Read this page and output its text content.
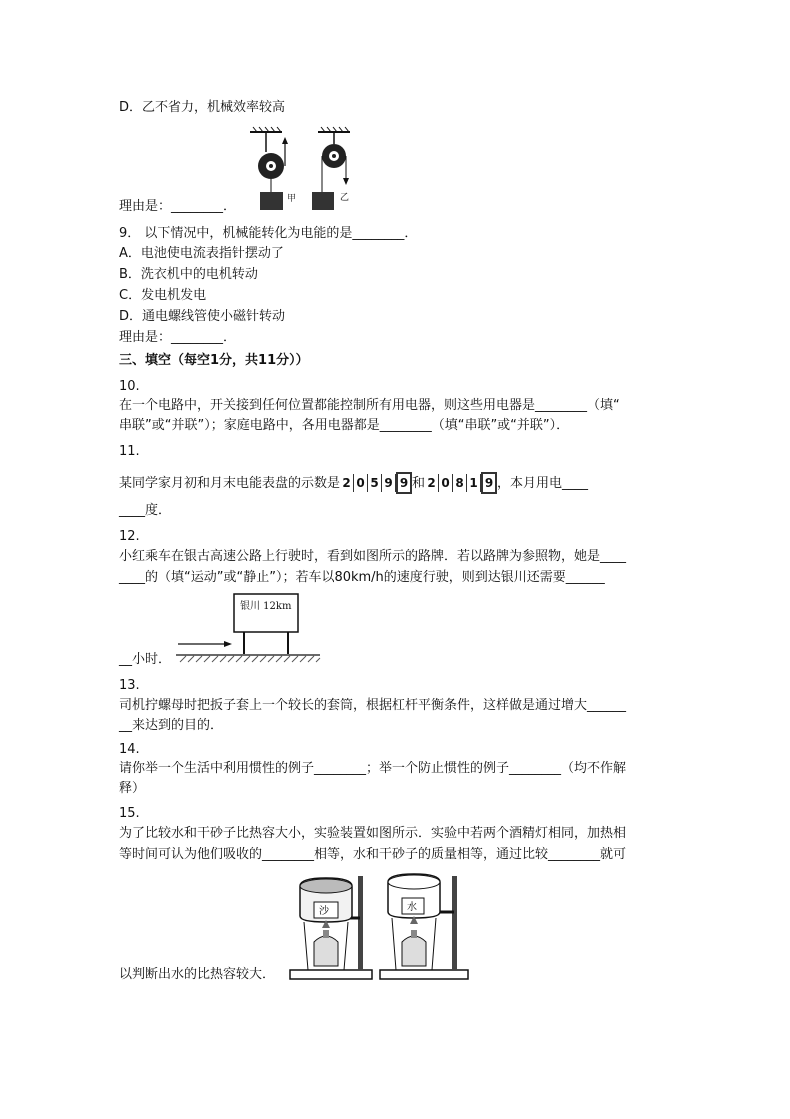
D．乙不省力，机械效率较高
甲	乙
理由是：________．
9． 以下情况中，机械能转化为电能的是________．
A．电池使电流表指针摆动了
B．洗衣机中的电机转动
C．发电机发电
D．通电螺线管使小磁针转动
理由是：________．
三、填空（每空1分，共11分））
10.
在一个电路中，开关接到任何位置都能控制所有用电器，则这些用电器是________（填“
串联”或“并联”）；家庭电路中，各用电器都是________（填“串联”或“并联”）．
11.
某同学家月初和月末电能表盘的示数是 2 0 5 9 9 和 2 0 8 1 9 ，本月用电____
____度．
12.
小红乘车在银古高速公路上行驶时，看到如图所示的路牌．若以路牌为参照物，她是____
____的（填“运动”或“静止”）；若车以80km/h的速度行驶，则到达银川还需要______
银川 12km
__小时．
13.
司机拧螺母时把扳子套上一个较长的套筒，根据杠杆平衡条件，这样做是通过增大______
__来达到的目的．
14.
请你举一个生活中利用惯性的例子________；举一个防止惯性的例子________（均不作解
释）
15.
为了比较水和干砂子比热容大小，实验装置如图所示．实验中若两个酒精灯相同，加热相
等时间可认为他们吸收的________相等，水和干砂子的质量相等，通过比较________就可
沙	水
以判断出水的比热容较大．
